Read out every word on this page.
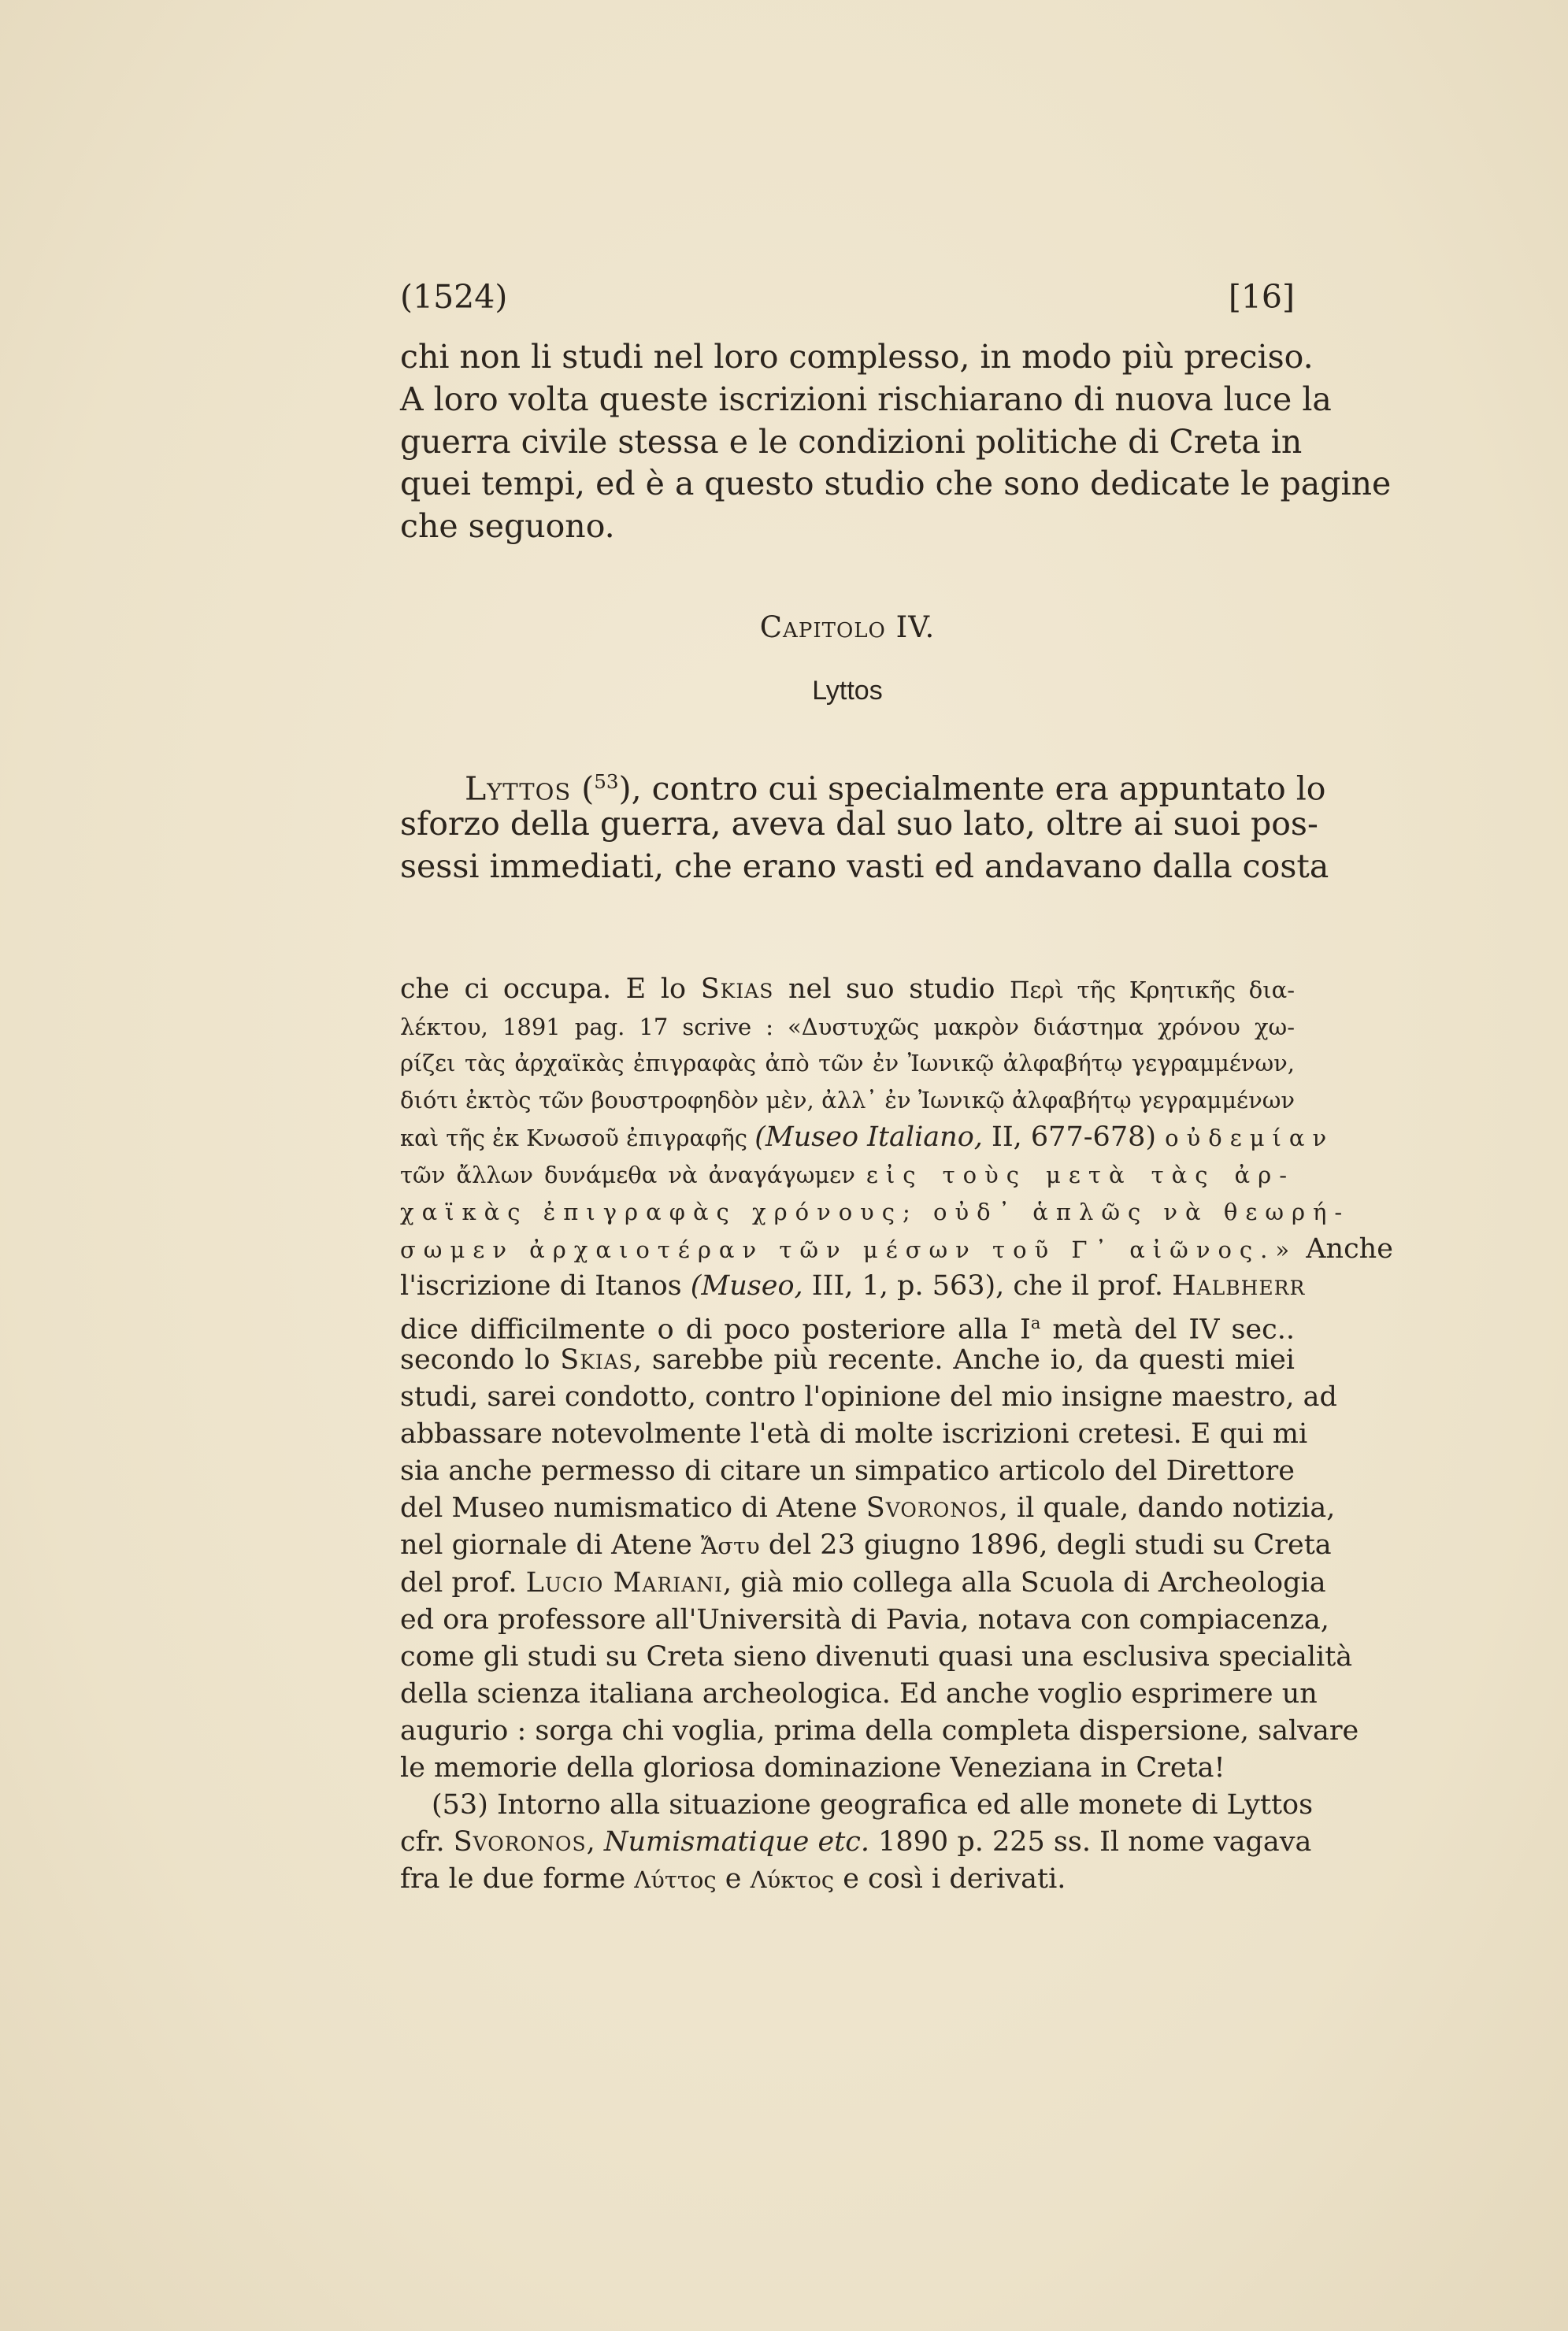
(1524)	[16]
chi non li studi nel loro complesso, in modo più preciso.
A loro volta queste iscrizioni rischiarano di nuova luce la
guerra civile stessa e le condizioni politiche di Creta in
quei tempi, ed è a questo studio che sono dedicate le pagine
che seguono.
Capitolo IV.
Lyttos
Lyttos ($^{53}$), contro cui specialmente era appuntato lo
sforzo della guerra, aveva dal suo lato, oltre ai suoi pos-
sessi immediati, che erano vasti ed andavano dalla costa
che ci occupa. E lo Skias nel suo studio Περὶ τῆς Κρητικῆς δια-
λέκτου, 1891 pag. 17 scrive : «Δυστυχῶς μακρὸν διάστημα χρόνου χω-
ρίζει τὰς ἀρχαϊκὰς ἐπιγραφὰς ἀπὸ τῶν ἐν Ἰωνικῷ ἀλφαβήτῳ γεγραμμένων,
διότι ἐκτὸς τῶν βουστροφηδὸν μὲν, ἀλλ᾽ ἐν Ἰωνικῷ ἀλφαβήτῳ γεγραμμένων
καὶ τῆς ἐκ Κνωσοῦ ἐπιγραφῆς (Museo Italiano, II, 677-678) οὐδεμίαν
τῶν ἄλλων δυνάμεθα νὰ ἀναγάγωμεν εἰς τοὺς μετὰ τὰς ἀρ-
χαϊκὰς ἐπιγραφὰς χρόνους; οὐδ᾽ ἁπλῶς νὰ θεωρή-
σωμεν ἀρχαιοτέραν τῶν μέσων τοῦ Γ᾽ αἰῶνος.» Anche
l'iscrizione di Itanos (Museo, III, 1, p. 563), che il prof. Halbherr
dice difficilmente o di poco posteriore alla $I^a$ metà del IV sec..
secondo lo Skias, sarebbe più recente. Anche io, da questi miei
studi, sarei condotto, contro l'opinione del mio insigne maestro, ad
abbassare notevolmente l'età di molte iscrizioni cretesi. E qui mi
sia anche permesso di citare un simpatico articolo del Direttore
del Museo numismatico di Atene Svoronos, il quale, dando notizia,
nel giornale di Atene Ἄστυ del 23 giugno 1896, degli studi su Creta
del prof. Lucio Mariani, già mio collega alla Scuola di Archeologia
ed ora professore all'Università di Pavia, notava con compiacenza,
come gli studi su Creta sieno divenuti quasi una esclusiva specialità
della scienza italiana archeologica. Ed anche voglio esprimere un
augurio : sorga chi voglia, prima della completa dispersione, salvare
le memorie della gloriosa dominazione Veneziana in Creta!
(53) Intorno alla situazione geografica ed alle monete di Lyttos
cfr. Svoronos, Numismatique etc. 1890 p. 225 ss. Il nome vagava
fra le due forme Λύττος e Λύκτος e così i derivati.
